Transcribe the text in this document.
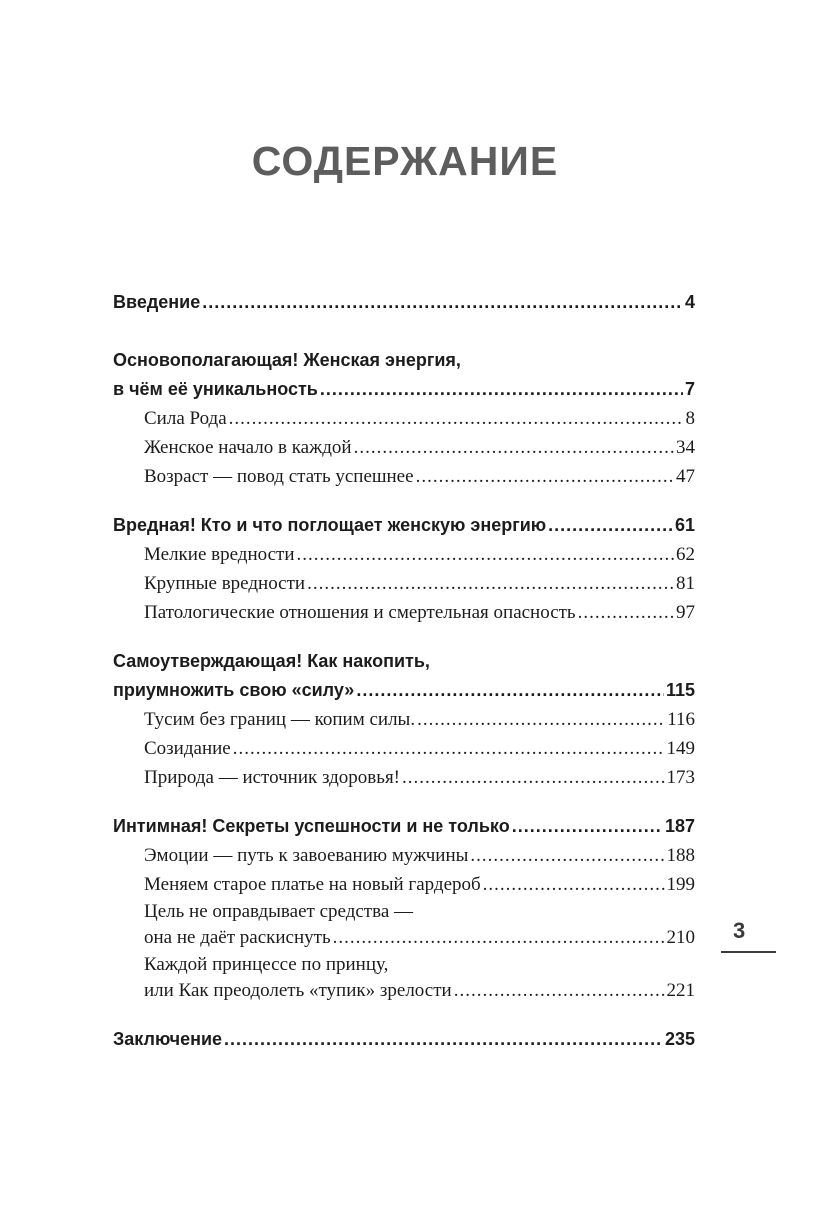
СОДЕРЖАНИЕ
Введение .....	4
Основополагающая! Женская энергия,
в чём её уникальность .....	7
Сила Рода .....	8
Женское начало в каждой .....	34
Возраст — повод стать успешнее .....	47
Вредная! Кто и что поглощает женскую энергию .....	61
Мелкие вредности .....	62
Крупные вредности .....	81
Патологические отношения и смертельная опасность .....	97
Самоутверждающая! Как накопить,
приумножить свою «силу» .....	115
Тусим без границ — копим силы. .....	116
Созидание .....	149
Природа — источник здоровья! .....	173
Интимная! Секреты успешности и не только .....	187
Эмоции — путь к завоеванию мужчины .....	188
Меняем старое платье на новый гардероб .....	199
Цель не оправдывает средства —
она не даёт раскиснуть .....	210
Каждой принцессе по принцу,
или Как преодолеть «тупик» зрелости .....	221
Заключение .....	235
3
